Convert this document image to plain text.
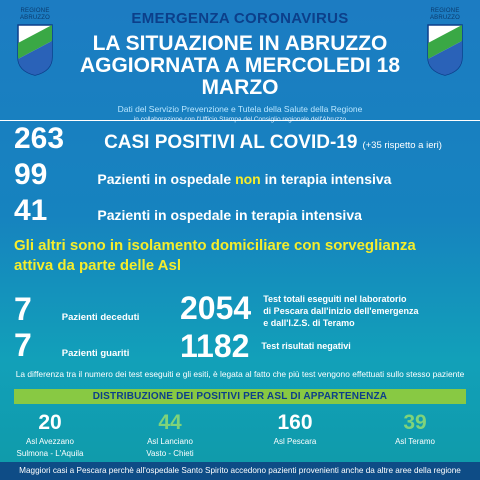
REGIONE ABRUZZO
REGIONE ABRUZZO
EMERGENZA CORONAVIRUS
LA SITUAZIONE IN ABRUZZO
AGGIORNATA A MERCOLEDI 18 MARZO
Dati del Servizio Prevenzione e Tutela della Salute della Regione
263 CASI POSITIVI AL COVID-19 (+35 rispetto a ieri)
99	Pazienti in ospedale non in terapia intensiva
41	Pazienti in ospedale in terapia intensiva
Gli altri sono in isolamento domiciliare con sorveglianza
attiva da parte delle Asl
7	Pazienti deceduti
7	Pazienti guariti
2054 Test totali eseguiti nel laboratorio
di Pescara dall'inizio dell'emergenza
e dall'I.Z.S. di Teramo
1182 Test risultati negativi
La differenza tra il numero dei test eseguiti e gli esiti, è legata al fatto che più test vengono effettuati sullo stesso paziente
DISTRIBUZIONE DEI POSITIVI PER ASL DI APPARTENENZA
20
Asl Avezzano
Sulmona - L'Aquila
44
Asl Lanciano
Vasto - Chieti
160
Asl Pescara
39
Asl Teramo
Maggiori casi a Pescara perchè all'ospedale Santo Spirito accedono pazienti provenienti anche da altre aree della regione
